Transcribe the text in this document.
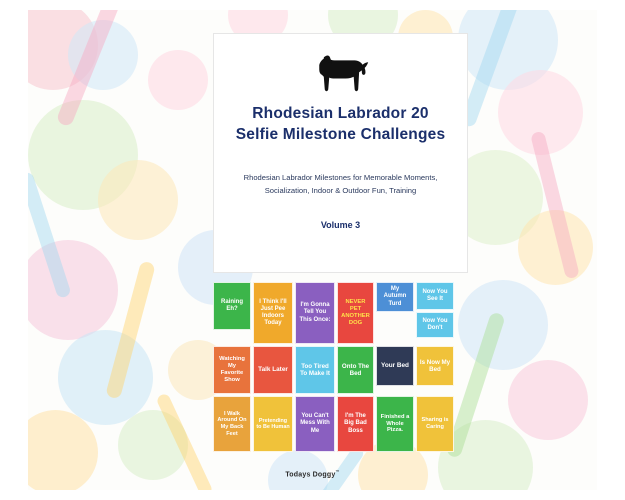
Rhodesian Labrador 20 Selfie Milestone Challenges
Rhodesian Labrador Milestones for Memorable Moments,
Socialization, Indoor & Outdoor Fun, Training
Volume 3
Raining Eh?
I Think I'll Just Pee Indoors Today
I'm Gonna Tell You This Once:
NEVER PET ANOTHER DOG
My Autumn Turd
Now You See It
Now You Don't
Watching My Favorite Show
Talk Later
Too Tired To Make It
Onto The Bed
Your Bed
Is Now My Bed
I Walk Around On My Back Feet
Pretending to Be Human
You Can't Mess With Me
I'm The Big Bad Boss
Finished a Whole Pizza.
Sharing is Caring
Todays Doggy™
